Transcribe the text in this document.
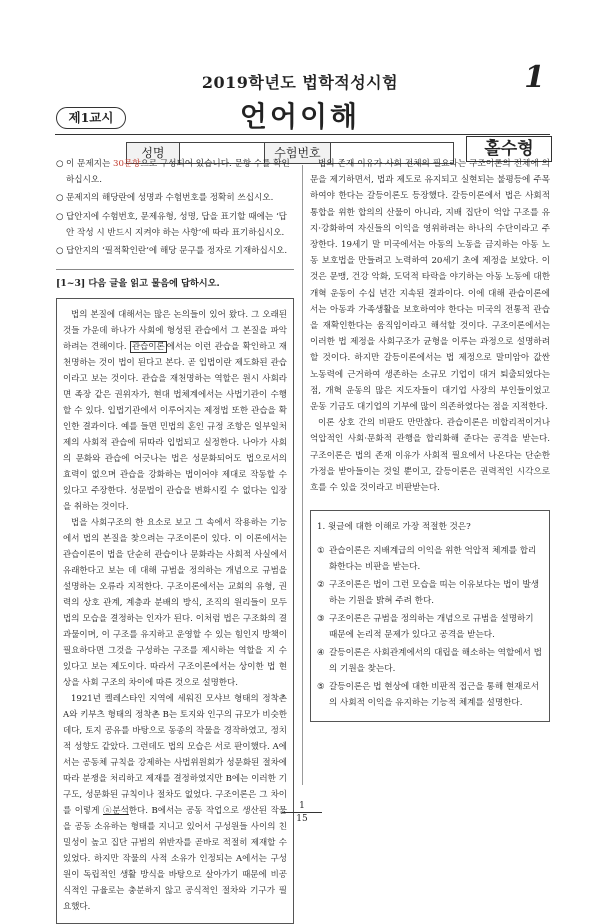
2019학년도 법학적성시험	1
제1교시	언어이해
성명	수험번호	홀수형
○ 이 문제지는 30문항으로 구성되어 있습니다. 문항 수를 확인하십시오.
○ 문제지의 해당란에 성명과 수험번호를 정확히 쓰십시오.
○ 답안지에 수험번호, 문제유형, 성명, 답을 표기할 때에는 ‘답안 작성 시 반드시 지켜야 하는 사항’에 따라 표기하십시오.
○ 답안지의 ‘필적확인란’에 해당 문구를 정자로 기재하십시오.
[1~3] 다음 글을 읽고 물음에 답하시오.

법의 본질에 대해서는 많은 논의들이 있어 왔다. 그 오래된 것들 가운데 하나가 사회에 형성된 관습에서 그 본질을 파악하려는 견해이다. 관습이론 에서는 이런 관습을 확인하고 재천명하는 것이 법이 된다고 본다. 곧 입법이란 제도화된 관습이라고 보는 것이다. 관습을 재천명하는 역할은 원시 사회라면 족장 같은 권위자가, 현대 법체계에서는 사법기관이 수행할 수 있다. 입법기관에서 이루어지는 제정법 또한 관습을 확인한 결과이다. 예를 들면 민법의 혼인 규정 조항은 일부일처제의 사회적 관습에 뒤따라 입법되고 실정한다. 나아가 사회의 문화와 관습에 어긋나는 법은 성문화되어도 법으로서의 효력이 없으며 관습을 강화하는 법이어야 제대로 작동할 수 있다고 주장한다. 성문법이 관습을 변화시킬 수 없다는 입장을 취하는 것이다.

법을 사회구조의 한 요소로 보고 그 속에서 작용하는 기능에서 법의 본질을 찾으려는 구조이론이 있다. 이 이론에서는 관습이론이 법을 단순히 관습이나 문화라는 사회적 사실에서 유래한다고 보는 데 대해 규범을 정의하는 개념으로 규범을 설명하는 오류라 지적한다. 구조이론에서는 교회의 유형, 권력의 상호 관계, 계층과 분배의 방식, 조직의 원리들이 모두 법의 모습을 결정하는 인자가 된다. 이처럼 법은 구조화의 결과물이며, 이 구조를 유지하고 운영할 수 있는 힘인지 방책이 필요하다면 그것을 구성하는 구조를 제시하는 역할을 지 수 있다고 보는 제도이다. 따라서 구조이론에서는 상이한 법 현상을 사회 구조의 차이에 따른 것으로 설명한다.

1921년 켈레스타인 지역에 세워진 모샤브 형태의 정착촌 A와 키부츠 형태의 정착촌 B는 토지와 인구의 규모가 비슷한 데다, 토지 공유를 바탕으로 동종의 작물을 경작하였고, 정치적 성향도 같았다. 그런데도 법의 모습은 서로 판이했다. A에서는 공동체 규칙을 강제하는 사법위원회가 성문화된 절차에 따라 분쟁을 처리하고 제재를 결정하였지만 B에는 이러한 기구도, 성문화된 규칙이나 절차도 없었다. 구조이론은 그 차이를 이렇게 ⓐ분석한다. B에서는 공동 작업으로 생산된 작물을 공동 소유하는 형태를 지니고 있어서 구성원들 사이의 친밀성이 높고 집단 규범의 위반자를 곧바로 적절히 제재할 수 있었다. 하지만 작물의 사적 소유가 인정되는 A에서는 구성원이 독립적인 생활 방식을 바탕으로 살아가기 때문에 비공식적인 규율로는 충분하지 않고 공식적인 절차와 기구가 필요했다.

법의 존재 이유가 사회 전체의 필요라는 구조이론의 전체에 의문을 제기하면서, 법과 제도로 유지되고 실현되는 불평등에 주목하여야 한다는 갈등이론도 등장했다. 갈등이론에서 법은 사회적 통합을 위한 합의의 산물이 아니라, 지배 집단이 억압 구조를 유지·강화하여 자신들의 이익을 영위하려는 하나의 수단이라고 주장한다. 19세기 말 미국에서는 아동의 노동을 금지하는 아동 노동 보호법을 만들려고 노력하여 20세기 초에 제정을 보았다. 이것은 문맹, 건강 악화, 도덕적 타락을 야기하는 아동 노동에 대한 개혁 운동이 수십 년간 지속된 결과이다. 이에 대해 관습이론에서는 아동과 가족생활을 보호하여야 한다는 미국의 전통적 관습을 재확인한다는 움직임이라고 해석할 것이다. 구조이론에서는 이러한 법 제정을 사회구조가 균형을 이루는 과정으로 설명하려 할 것이다. 하지만 갈등이론에서는 법 제정으로 말미암아 값싼 노동력에 근거하여 생존하는 소규모 기업이 대거 퇴출되었다는 점, 개혁 운동의 많은 지도자들이 대기업 사장의 부인들이었고 운동 기금도 대기업의 기부에 많이 의존하였다는 점을 지적한다.

이론 상호 간의 비판도 만만찮다. 관습이론은 비합리적이거나 억압적인 사회·문화적 관행을 합리화해 준다는 공격을 받는다. 구조이론은 법의 존재 이유가 사회적 필요에서 나온다는 단순한 가정을 받아들이는 것일 뿐이고, 갈등이론은 권력적인 시각으로 흐를 수 있을 것이라고 비판받는다.

1. 윗글에 대한 이해로 가장 적절한 것은?
① 관습이론은 지배계급의 이익을 위한 억압적 체계를 합리화한다는 비판을 받는다.
② 구조이론은 법이 그런 모습을 띠는 이유보다는 법이 발생하는 기원을 밝혀 주려 한다.
③ 구조이론은 규범을 정의하는 개념으로 규범을 설명하기 때문에 논리적 문제가 있다고 공격을 받는다.
④ 갈등이론은 사회관계에서의 대립을 해소하는 역할에서 법의 기원을 찾는다.
⑤ 갈등이론은 법 현상에 대한 비판적 접근을 통해 현재로서의 사회적 이익을 유지하는 기능적 체계를 설명한다.
1
15
